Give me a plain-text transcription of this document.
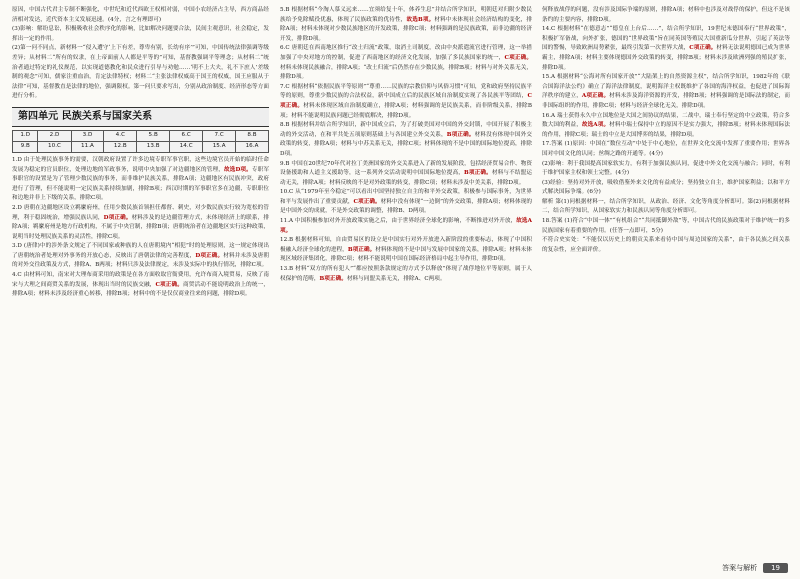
原因，中国古代君主专制不断强化，中世纪和近代西欧王权相对弱，中国小农经济占主导，西方商品经济相对发达，近代资本主义发展迅速。(4分，言之有理即可)

(3)影响：解纷息讼，积极吸收社会秩序化的影响，比如解决问题要合法，民间主观意识，社会稳定，发挥出一定的作用。

(2)第一问不同点，新材料一“侵入遭守‘上下有差，尊卑有别，长幼有序’”可知，中国传统法律强调等级差异；从材料二“所有的奴隶，在上帝面前人人都是平等的”可知，基督教强调平等理念；从材料二“统治者通过特定的礼仪规范，以实现道德教化和民众进行引导与劝勉……‘明不上大夫，礼不下庶人’差级制的观念”可知，儒家注重血治，肯定法律特权；材料二“主张法律权威高于国王的权威，国王应服从于法律”可知，基督教直是法律的地位，强调限权。第一问只要求写出，分别从政治制度、经济形态等方面进行分析。

第四单元 民族关系与国家关系
1.D	2.D	3.D	4.C	5.B	6.C	7.C	8.B
9.B	10.C	11.A	12.B	13.B	14.C	15.A	16.A

1.D 由于处理民族事务的需要，汉朝政府设置了许多边境专职军事官职，这些边境官员开始的临时任命发展为稳定的官员职位，处理边地的军政事务，说明中央加强了对边疆地区的管理，故选D项。专职军事职官的设置是为了管理少数民族的事务，而非维护民族关系，排除A项；边疆地区有民族冲突，政府进行了管理，但不能说明一定民族关系持续加剧，排除B项；西汉时期的军事职官多在边疆，专职职位和边地并非上下级的关系，排除C项。

2.D 唐朝在边疆地区设立羁縻府州，任用少数民族首领担任都督、刺史，对少数民族实行较为宽松的管理，利于稳固统治，增强民族认同，D项正确。材料涉及的是边疆管理方式，未体现经济上的联系，排除A项；羁縻府州是地方行政机构，不属于中央官制，排除B项；唐朝统治者在边疆地区实行这种政策，说明当时处理民族关系的灵活性，排除C项。

3.D (唐律)中的涉外条文规定了不同国家或种族的人在唐朝境内“相犯”时的处理原则，这一规定体现出了唐朝统治者处理对外事务的开放心态，反映出了唐朝法律的完善程度，D项正确。材料并未涉及唐朝的对外交往政策及方式，排除A、B两项；材料只涉及法律规定，未涉及实际中的执行情况，排除C项。

4.C 由材料可知，南宋对大理布商采用的政策是在各方面收取官衙费用，允许布商入境贸易，反映了南宋与大理之间商贸关系的发展，体现出当时的民族交融，C项正确。商贸活动不能说明政治上的统一，排除A项；材料未涉及经济重心转移，排除B项；材料中的不是仅仅商业往来的问题，排除D项。

5.B 根据材料“今淘人慕义远来……宜须给复十年，体养生息”并结合所学知识，明朝廷对归附少数民族给予免除赋役优惠，体现了民族政策的优待性，故选B项。材料中未体现社会经济结构的变化，排除A项；材料未体现对少数民族地区的开发政策，排除C项；材料强调的是民族政策，而非边疆的经济开发，排除D项。

6.C 唐朝廷在西南地区推行“改土归流”政策，取消土司制度，改由中央派遣流官进行管理，这一举措加强了中央对地方的控制，促进了西南地区的经济文化发展，加强了多民族国家的统一，C项正确。材料未体现民族融合，排除A项；“改土归流”后仍然存在少数民族，排除B项；材料与对外关系无关，排除D项。

7.C 根据材料“依据民族平等原则”“尊重……民族的宗教信仰与风俗习惯”可知，党和政府坚持民族平等的原则，尊重少数民族的合法权益，新中国成立后的民族区域自治制度实现了各民族平等团结，C项正确。材料未体现区域自治制度确立，排除A项；材料强调的是民族关系，而非阶级关系，排除B项；材料不能说明民族问题已经彻底解决，排除D项。

8.B 根据材料并结合所学知识，新中国成立后，为了打破美国对中国的外交封锁，中国开展了积极主动的外交活动，在和平共处五项原则基础上与各国建立外交关系，B项正确。材料没有体现中国外交政策的转变，排除A项；材料与中苏关系无关，排除C项；材料体现的不是中国的国际地位提高，排除D项。

9.B 中国在20世纪70年代对拉丁美洲国家的外交关系进入了新的发展阶段，包括经济贸易合作、物资设备援助和人道主义援助等，这一系列外交活动说明中国国际地位提高，B项正确。材料与不结盟运动无关，排除A项；材料反映的不是对外政策的转变，排除C项；材料未涉及中美关系，排除D项。

10.C 从“1979年至今稳定”可以看出中国坚持独立自主的和平外交政策，积极参与国际事务，为世界和平与发展作出了重要贡献，C项正确。材料中没有体现“一边倒”的外交政策，排除A项；材料体现的是中国外交的成就，不是外交政策的调整，排除B、D两项。

11.A 中国积极参加对外开放政策实施之后，由于世界经济全球化的影响，不断推进对外开放，故选A项。

12.B 根据材料可知，自由贸易区的设立是中国实行对外开放进入新阶段的重要标志，体现了中国积极融入经济全球化的进程，B项正确。材料体现的不是中国与发展中国家的关系，排除A项；材料未体现区域经济集团化，排除C项；材料不能说明中国在国际经济格局中起主导作用，排除D项。

13.B 材料“双方的所有犯人”“都应按照条款规定的方式予以释放”体现了战俘地位平等原则，属于人权保护的范畴，B项正确。材料与同盟关系无关，排除A、C两项。

何释放战俘的问题，没有涉及国际争端的原则，排除A项；材料中也涉及对战俘的保护，但这不是该条约的主要内容，排除D项。

14.C 根据材料“在德意志”“德皇在上台后……”，结合所学知识，19世纪末德国奉行“世界政策”，积极扩军备战，向外扩张，德国的“世界政策”旨在同英国等殖民大国重新瓜分世界，引起了英法等国的警惕，导致欧洲局势紧张，最终引发第一次世界大战，C项正确。材料无法说明德国已成为世界霸主，排除A项；材料主要体现德国外交政策的转变，排除B项；材料未涉及欧洲列强的殖民扩张，排除D项。

15.A 根据材料“公海对所有国家开放”“大陆架上的自然资源主权”，结合所学知识，1982年的《联合国海洋法公约》确立了海洋法律制度，说明海洋主权既维护了各国的海洋权益，也促进了国际海洋秩序的建立，A项正确。材料未涉及海洋资源的开发，排除B项；材料强调的是国际法的制定，而非国际组织的作用，排除C项；材料与经济全球化无关，排除D项。

16.A 瑞士获得永久中立国地位是大国之间协议的结果，二战中，瑞士奉行坚定的中立政策，符合多数大国的利益，故选A项。材料中瑞士保持中立的原因不是实力强大，排除B项；材料未体现国际法的作用，排除C项；瑞士的中立是大国博弈的结果，排除D项。

17.答案 (1)原因：中国在“数位互动”中处于中心地位，在世界文化交流中发挥了重要作用；世界各国对中国文化的认同；丝绸之路的开通等。(4分)

(2)影响：利于我国提高国家软实力，有利于加强民族认同，促进中外文化交流与融合；同时，有利于维护国家主权和领土完整。(4分)

(3)经验：坚持对外开放，吸收借鉴外来文化的有益成分；坚持独立自主，维护国家利益；以和平方式解决国际争端。(6分)

解析 第(1)问根据材料一，结合所学知识，从政治、经济、文化等角度分析即可。第(2)问根据材料二，结合所学知识，从国家软实力和民族认同等角度分析即可。

18.答案 (1)符合“中国一体”“有机组合”“共同抵御外敌”等，中国古代的民族政策对于维护统一的多民族国家有着重要的作用。(任答一点即可，5分)

不符合史实处：“不能仅以历史上的朝贡关系来看待中国与周边国家的关系”，由于各民族之间关系的复杂性，应全面评价。

答案与解析	19
